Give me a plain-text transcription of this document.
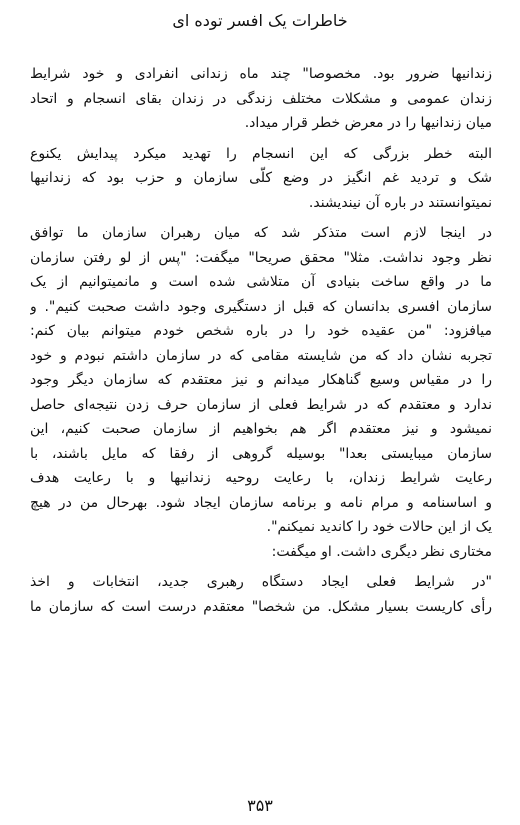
خاطرات یک افسر توده ای
زندانیها ضرور بود. مخصوصا" چند ماه زندانی انفرادی و خود شرایط
زندان عمومی و مشکلات مختلف زندگی در زندان بقای انسجام و اتحاد
میان زندانیها را در معرض خطر قرار میداد.
البته خطر بزرگی که این انسجام را تهدید میکرد پیدایش یکنوع
شک و تردید غم انگیز در وضع کلّی سازمان و حزب بود که زندانیها
نمیتوانستند در باره آن نیندیشند.
در اینجا لازم است متذکر شد که میان رهبران سازمان ما توافق
نظر وجود نداشت. مثلا" محقق صریحا" میگفت: "پس از لو رفتن سازمان
ما در واقع ساخت بنیادی آن متلاشی شده است و مانمیتوانیم از یک
سازمان افسری بدانسان که قبل از دستگیری وجود داشت صحبت کنیم". و
میافزود: "من عقیده خود را در باره شخص خودم میتوانم بیان کنم:
تجربه نشان داد که من شایسته مقامی که در سازمان داشتم نبودم و خود
را در مقیاس وسیع گناهکار میدانم و نیز معتقدم که سازمان دیگر وجود
ندارد و معتقدم که در شرایط فعلی از سازمان حرف زدن نتیجه‌ای حاصل
نمیشود و نیز معتقدم اگر هم بخواهیم از سازمان صحبت کنیم، این
سازمان میبایستی بعدا" بوسیله گروهی از رفقا که مایل باشند، با
رعایت شرایط زندان، با رعایت روحیه زندانیها و با رعایت هدف
و اساسنامه و مرام نامه و برنامه سازمان ایجاد شود. بهرحال من در هیچ
یک از این حالات خود را کاندید نمیکنم".
مختاری نظر دیگری داشت. او میگفت:
"در شرایط فعلی ایجاد دستگاه رهبری جدید، انتخابات و اخذ
رأی کاریست بسیار مشکل. من شخصا" معتقدم درست است که سازمان ما
۳۵۳
